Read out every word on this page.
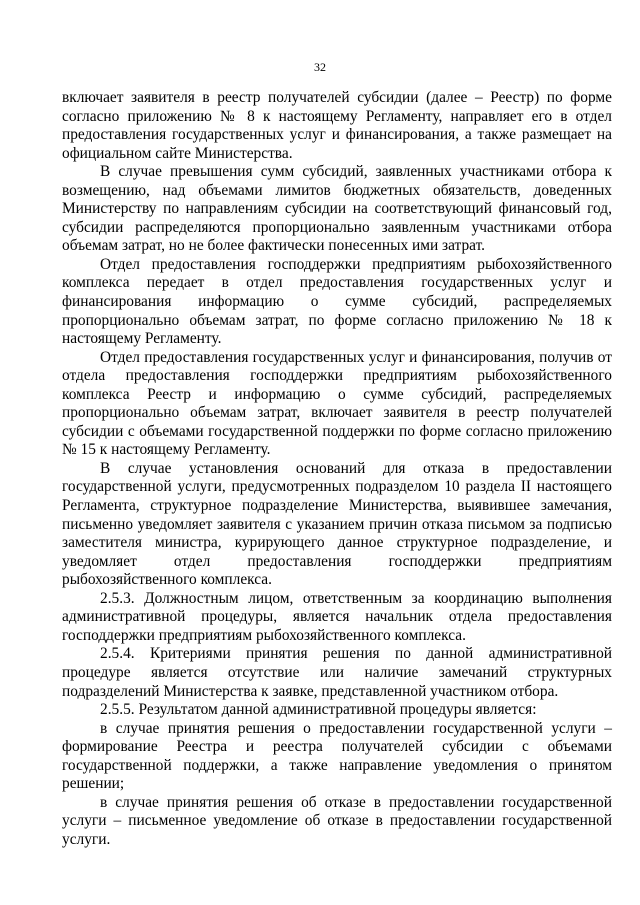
32

включает заявителя в реестр получателей субсидии (далее – Реестр) по форме согласно приложению № 8 к настоящему Регламенту, направляет его в отдел предоставления государственных услуг и финансирования, а также размещает на официальном сайте Министерства.

В случае превышения сумм субсидий, заявленных участниками отбора к возмещению, над объемами лимитов бюджетных обязательств, доведенных Министерству по направлениям субсидии на соответствующий финансовый год, субсидии распределяются пропорционально заявленным участниками отбора объемам затрат, но не более фактически понесенных ими затрат.

Отдел предоставления господдержки предприятиям рыбохозяйственного комплекса передает в отдел предоставления государственных услуг и финансирования информацию о сумме субсидий, распределяемых пропорционально объемам затрат, по форме согласно приложению № 18 к настоящему Регламенту.

Отдел предоставления государственных услуг и финансирования, получив от отдела предоставления господдержки предприятиям рыбохозяйственного комплекса Реестр и информацию о сумме субсидий, распределяемых пропорционально объемам затрат, включает заявителя в реестр получателей субсидии с объемами государственной поддержки по форме согласно приложению № 15 к настоящему Регламенту.

В случае установления оснований для отказа в предоставлении государственной услуги, предусмотренных подразделом 10 раздела II настоящего Регламента, структурное подразделение Министерства, выявившее замечания, письменно уведомляет заявителя с указанием причин отказа письмом за подписью заместителя министра, курирующего данное структурное подразделение, и уведомляет отдел предоставления господдержки предприятиям рыбохозяйственного комплекса.

2.5.3. Должностным лицом, ответственным за координацию выполнения административной процедуры, является начальник отдела предоставления господдержки предприятиям рыбохозяйственного комплекса.

2.5.4. Критериями принятия решения по данной административной процедуре является отсутствие или наличие замечаний структурных подразделений Министерства к заявке, представленной участником отбора.

2.5.5. Результатом данной административной процедуры является:

в случае принятия решения о предоставлении государственной услуги – формирование Реестра и реестра получателей субсидии с объемами государственной поддержки, а также направление уведомления о принятом решении;

в случае принятия решения об отказе в предоставлении государственной услуги – письменное уведомление об отказе в предоставлении государственной услуги.
